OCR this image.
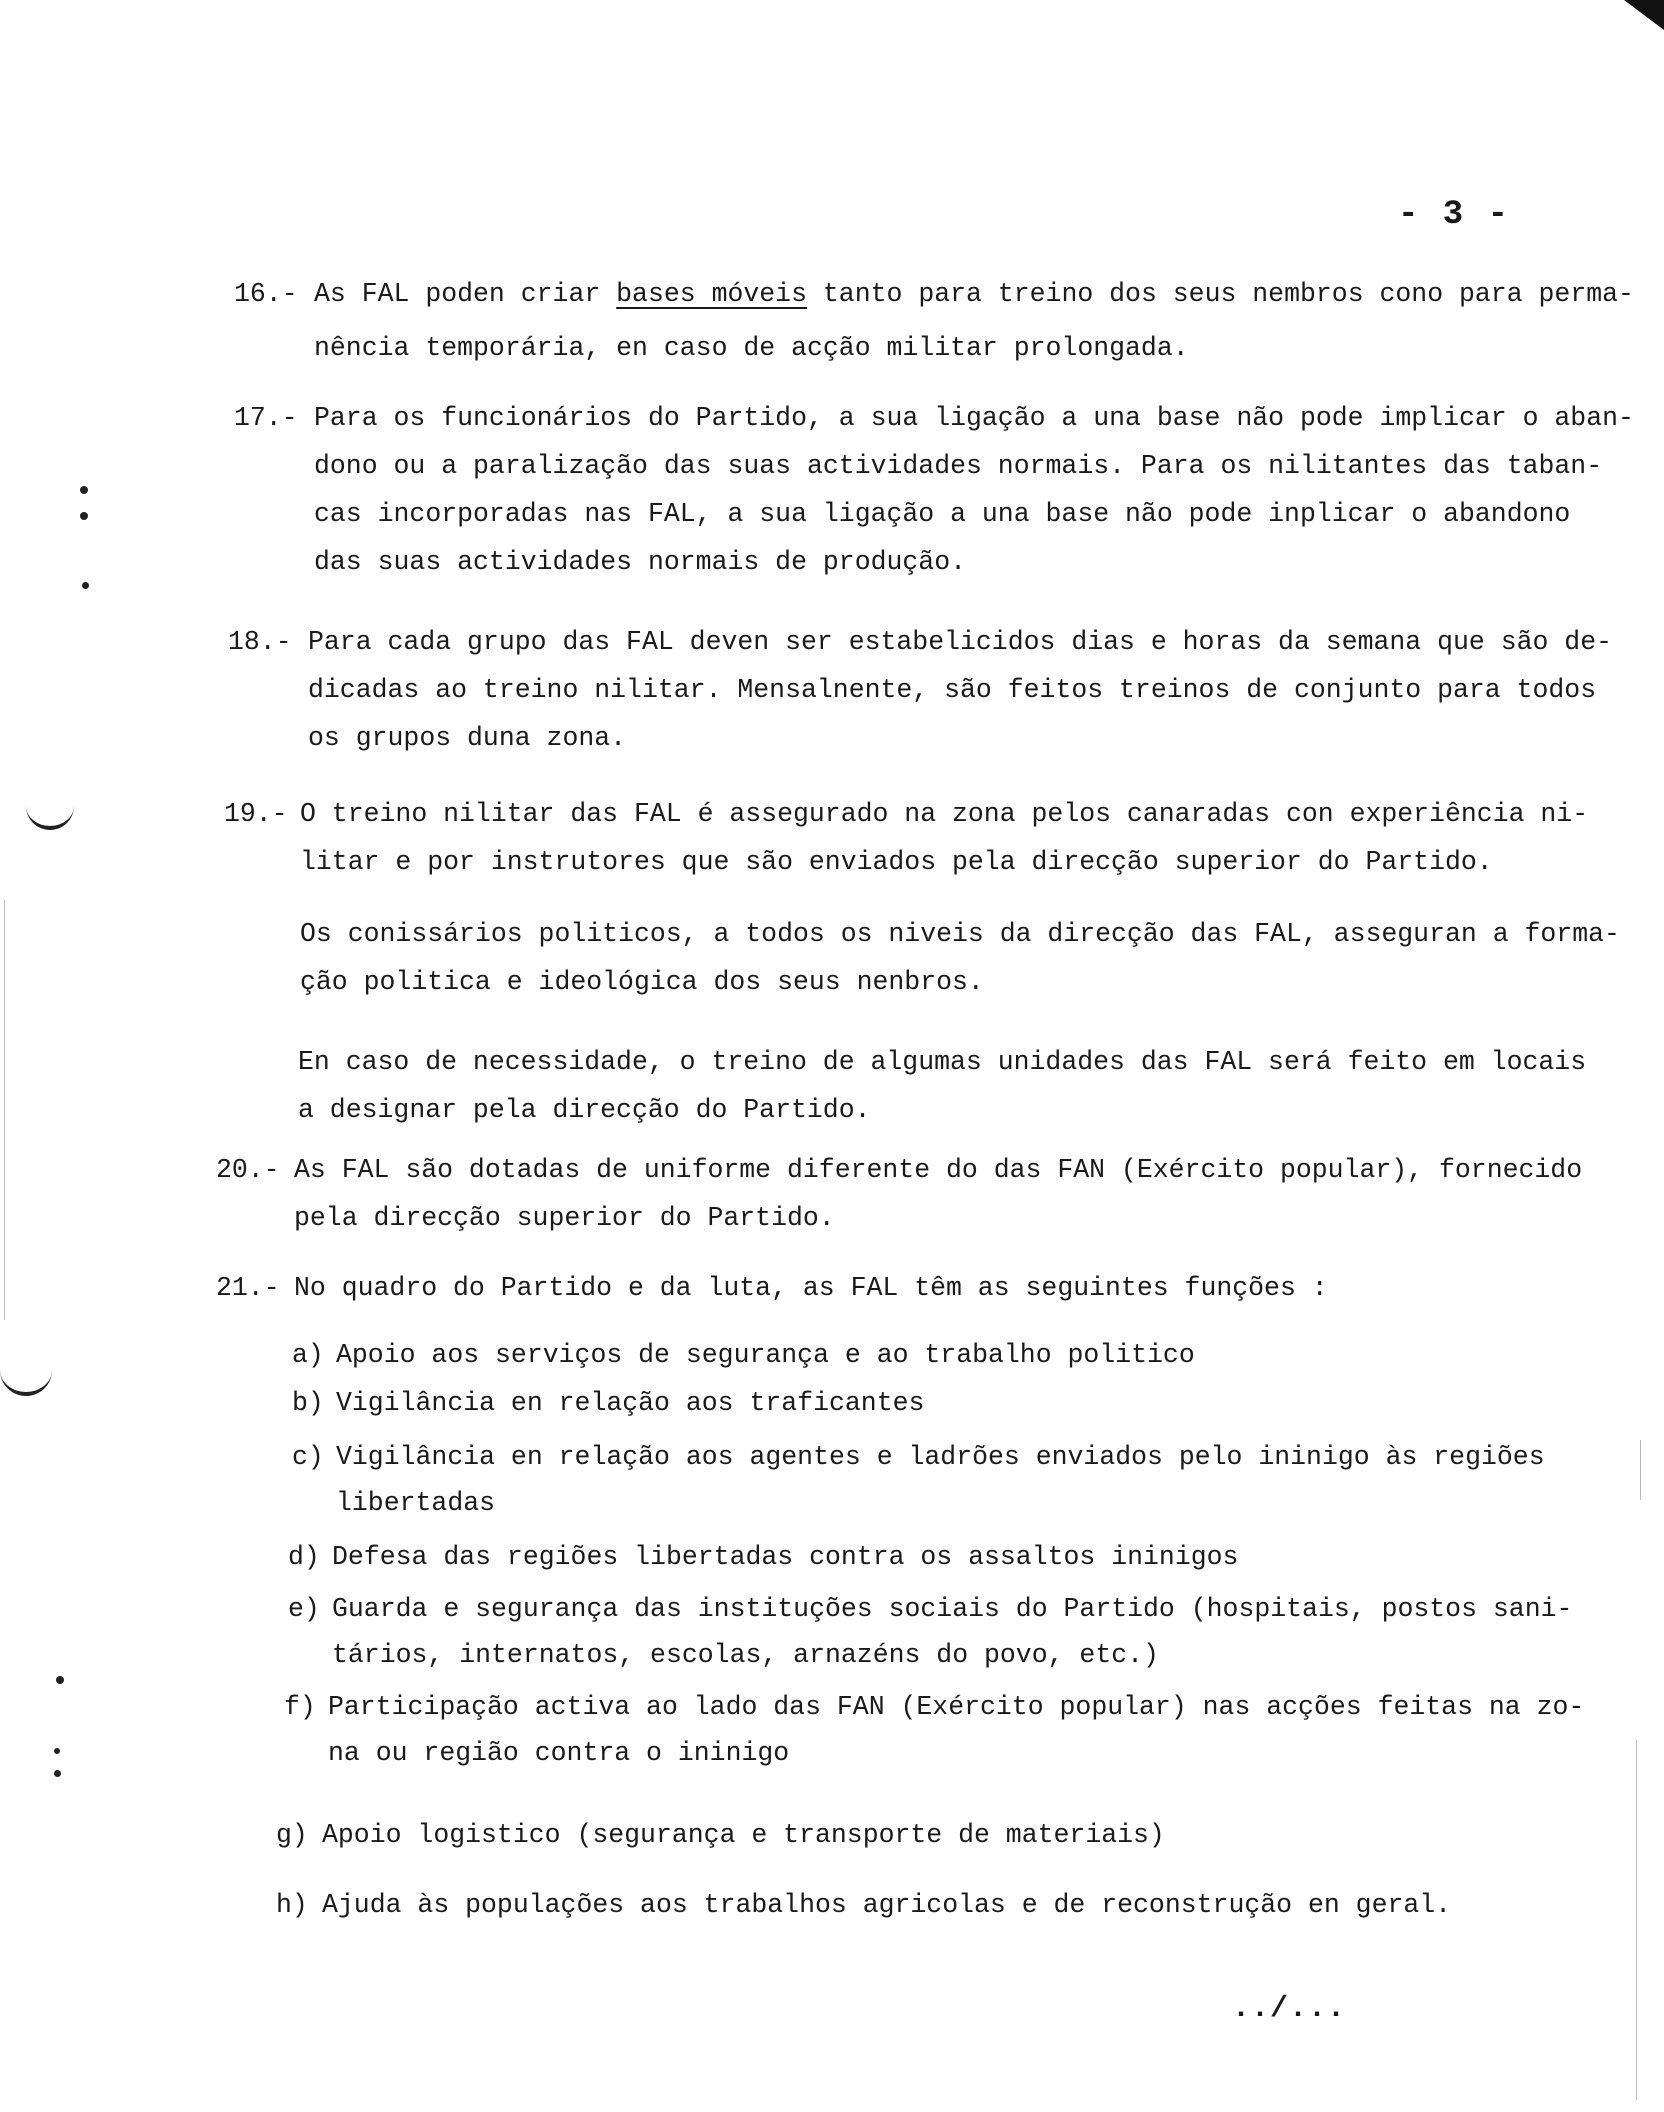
- 3 -
16.- As FAL poden criar bases móveis tanto para treino dos seus nembros cono para perma-
nência temporária, en caso de acção militar prolongada.
17.- Para os funcionários do Partido, a sua ligação a una base não pode implicar o aban-
dono ou a paralização das suas actividades normais. Para os nilitantes das taban-
cas incorporadas nas FAL, a sua ligação a una base não pode inplicar o abandono
das suas actividades normais de produção.
18.- Para cada grupo das FAL deven ser estabelicidos dias e horas da semana que são de-
dicadas ao treino nilitar. Mensalnente, são feitos treinos de conjunto para todos
os grupos duna zona.
19.- O treino nilitar das FAL é assegurado na zona pelos canaradas con experiência ni-
litar e por instrutores que são enviados pela direcção superior do Partido.
Os conissários politicos, a todos os niveis da direcção das FAL, asseguran a forma-
ção politica e ideológica dos seus nenbros.
En caso de necessidade, o treino de algumas unidades das FAL será feito em locais
a designar pela direcção do Partido.
20.- As FAL são dotadas de uniforme diferente do das FAN (Exército popular), fornecido
pela direcção superior do Partido.
21.- No quadro do Partido e da luta, as FAL têm as seguintes funções :
a) Apoio aos serviços de segurança e ao trabalho politico
b) Vigilância en relação aos traficantes
c) Vigilância en relação aos agentes e ladrões enviados pelo ininigo às regiões
libertadas
d) Defesa das regiões libertadas contra os assaltos ininigos
e) Guarda e segurança das instituções sociais do Partido (hospitais, postos sani-
tários, internatos, escolas, arnazéns do povo, etc.)
f) Participação activa ao lado das FAN (Exército popular) nas acções feitas na zo-
na ou região contra o ininigo
g) Apoio logistico (segurança e transporte de materiais)
h) Ajuda às populações aos trabalhos agricolas e de reconstrução en geral.
../...
